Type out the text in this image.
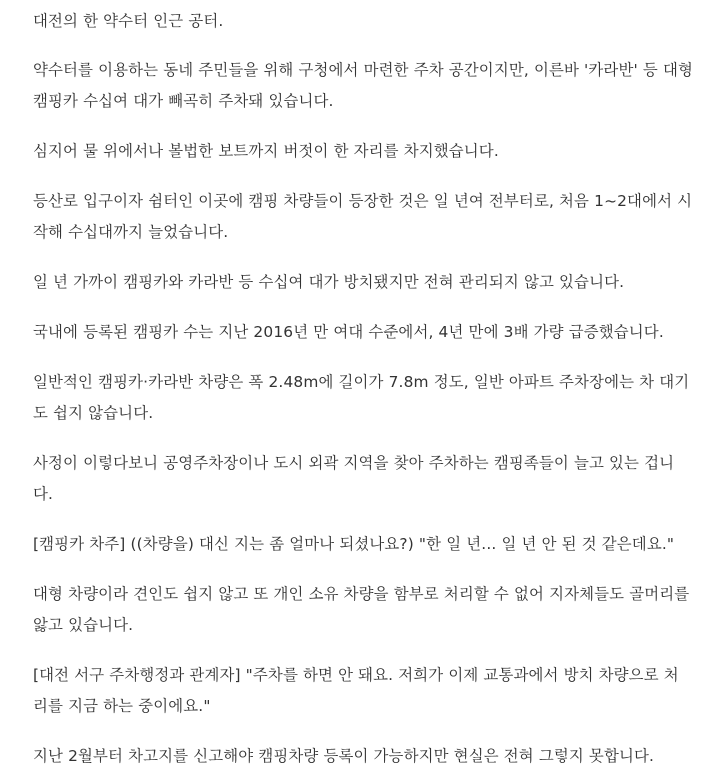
대전의 한 약수터 인근 공터.

약수터를 이용하는 동네 주민들을 위해 구청에서 마련한 주차 공간이지만, 이른바 '카라반' 등 대형 캠핑카 수십여 대가 빼곡히 주차돼 있습니다.

심지어 물 위에서나 볼법한 보트까지 버젓이 한 자리를 차지했습니다.

등산로 입구이자 쉼터인 이곳에 캠핑 차량들이 등장한 것은 일 년여 전부터로, 처음 1~2대에서 시작해 수십대까지 늘었습니다.

일 년 가까이 캠핑카와 카라반 등 수십여 대가 방치됐지만 전혀 관리되지 않고 있습니다.

국내에 등록된 캠핑카 수는 지난 2016년 만 여대 수준에서, 4년 만에 3배 가량 급증했습니다.

일반적인 캠핑카·카라반 차량은 폭 2.48m에 길이가 7.8m 정도, 일반 아파트 주차장에는 차 대기도 쉽지 않습니다.

사정이 이렇다보니 공영주차장이나 도시 외곽 지역을 찾아 주차하는 캠핑족들이 늘고 있는 겁니다.

[캠핑카 차주] ((차량을) 대신 지는 좀 얼마나 되셨나요?) "한 일 년... 일 년 안 된 것 같은데요."

대형 차량이라 견인도 쉽지 않고 또 개인 소유 차량을 함부로 처리할 수 없어 지자체들도 골머리를 앓고 있습니다.

[대전 서구 주차행정과 관계자] "주차를 하면 안 돼요. 저희가 이제 교통과에서 방치 차량으로 처리를 지금 하는 중이에요."

지난 2월부터 차고지를 신고해야 캠핑차량 등록이 가능하지만 현실은 전혀 그렇지 못합니다.
